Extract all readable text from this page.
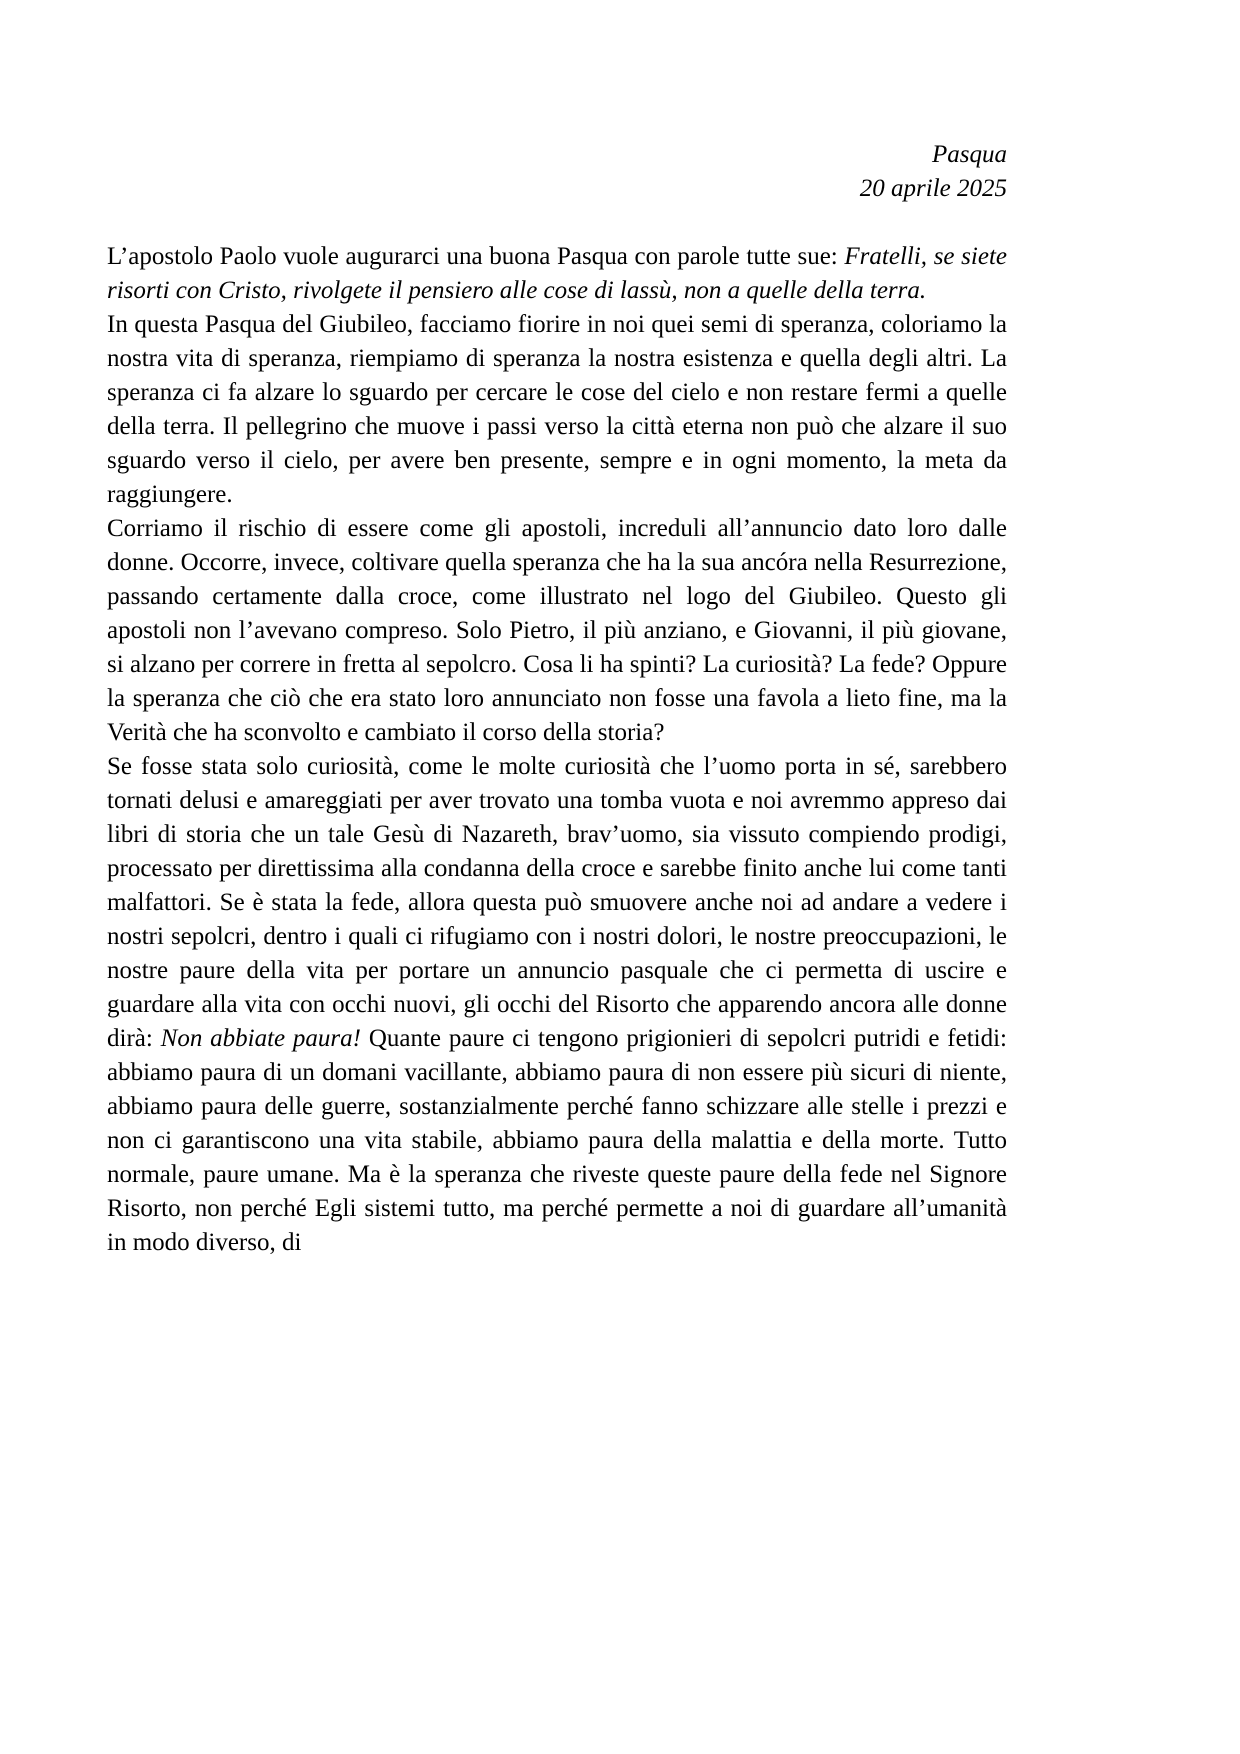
Pasqua
20 aprile 2025

L’apostolo Paolo vuole augurarci una buona Pasqua con parole tutte sue: Fratelli, se siete risorti con Cristo, rivolgete il pensiero alle cose di lassù, non a quelle della terra.

In questa Pasqua del Giubileo, facciamo fiorire in noi quei semi di speranza, coloriamo la nostra vita di speranza, riempiamo di speranza la nostra esistenza e quella degli altri. La speranza ci fa alzare lo sguardo per cercare le cose del cielo e non restare fermi a quelle della terra. Il pellegrino che muove i passi verso la città eterna non può che alzare il suo sguardo verso il cielo, per avere ben presente, sempre e in ogni momento, la meta da raggiungere.

Corriamo il rischio di essere come gli apostoli, increduli all’annuncio dato loro dalle donne. Occorre, invece, coltivare quella speranza che ha la sua ancóra nella Resurrezione, passando certamente dalla croce, come illustrato nel logo del Giubileo. Questo gli apostoli non l’avevano compreso. Solo Pietro, il più anziano, e Giovanni, il più giovane, si alzano per correre in fretta al sepolcro. Cosa li ha spinti? La curiosità? La fede? Oppure la speranza che ciò che era stato loro annunciato non fosse una favola a lieto fine, ma la Verità che ha sconvolto e cambiato il corso della storia?

Se fosse stata solo curiosità, come le molte curiosità che l’uomo porta in sé, sarebbero tornati delusi e amareggiati per aver trovato una tomba vuota e noi avremmo appreso dai libri di storia che un tale Gesù di Nazareth, brav’uomo, sia vissuto compiendo prodigi, processato per direttissima alla condanna della croce e sarebbe finito anche lui come tanti malfattori. Se è stata la fede, allora questa può smuovere anche noi ad andare a vedere i nostri sepolcri, dentro i quali ci rifugiamo con i nostri dolori, le nostre preoccupazioni, le nostre paure della vita per portare un annuncio pasquale che ci permetta di uscire e guardare alla vita con occhi nuovi, gli occhi del Risorto che apparendo ancora alle donne dirà: Non abbiate paura! Quante paure ci tengono prigionieri di sepolcri putridi e fetidi: abbiamo paura di un domani vacillante, abbiamo paura di non essere più sicuri di niente, abbiamo paura delle guerre, sostanzialmente perché fanno schizzare alle stelle i prezzi e non ci garantiscono una vita stabile, abbiamo paura della malattia e della morte. Tutto normale, paure umane. Ma è la speranza che riveste queste paure della fede nel Signore Risorto, non perché Egli sistemi tutto, ma perché permette a noi di guardare all’umanità in modo diverso, di
